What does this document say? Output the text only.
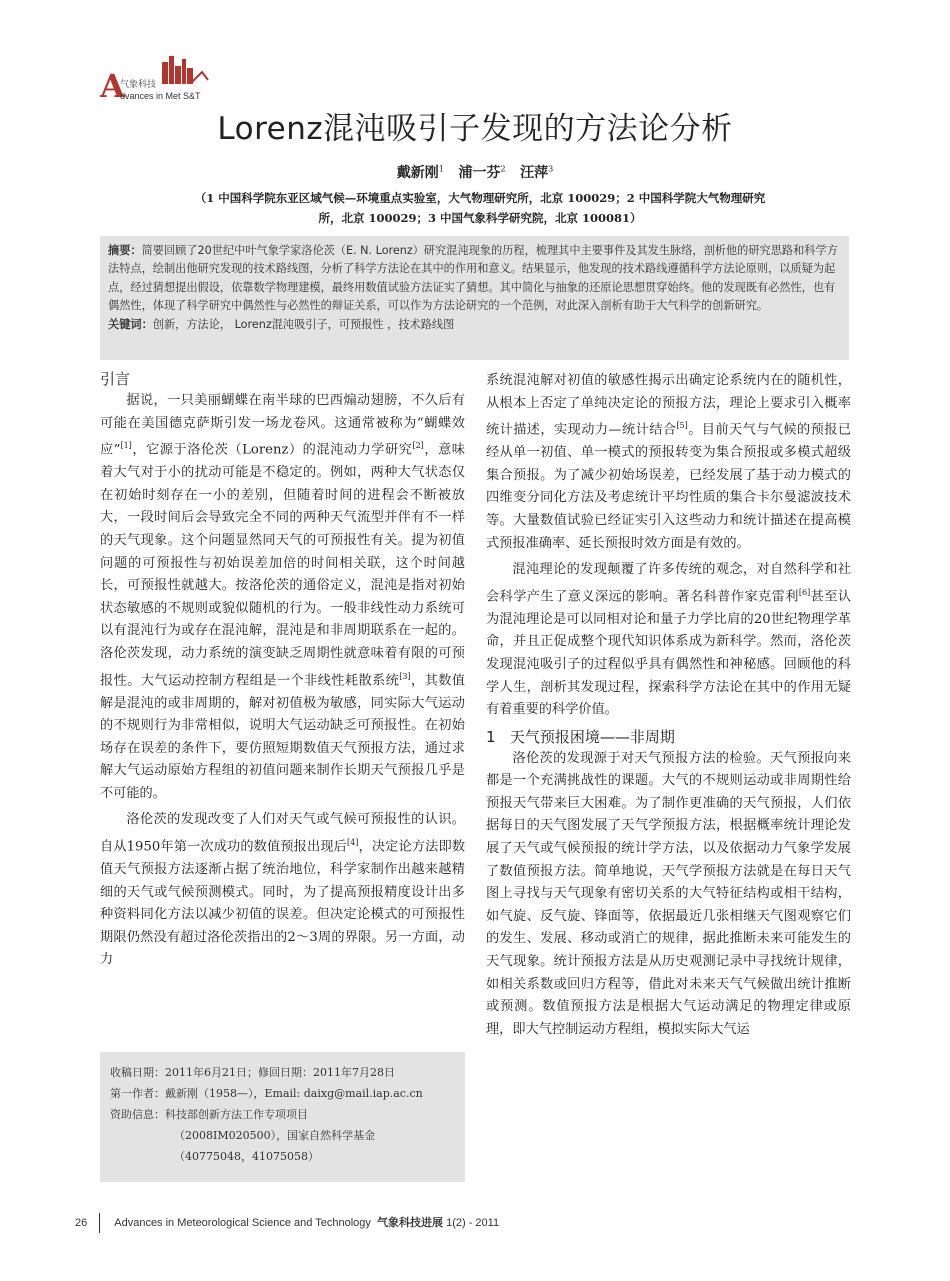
A
气象科技
dvances in Met S&T
Lorenz混沌吸引子发现的方法论分析
戴新刚$^1$ 浦一芬$^2$ 汪萍$^3$
（1 中国科学院东亚区域气候—环境重点实验室，大气物理研究所，北京 100029；2 中国科学院大气物理研究
所，北京 100029；3 中国气象科学研究院，北京 100081）
摘要：简要回顾了20世纪中叶气象学家洛伦茨（E. N. Lorenz）研究混沌现象的历程，梳理其中主要事件及其发生脉络，剖析他的研究思路和科学方法特点，绘制出他研究发现的技术路线图，分析了科学方法论在其中的作用和意义。结果显示，他发现的技术路线遵循科学方法论原则，以质疑为起点，经过猜想提出假设，依靠数学物理建模，最终用数值试验方法证实了猜想。其中简化与抽象的还原论思想贯穿始终。他的发现既有必然性，也有偶然性，体现了科学研究中偶然性与必然性的辩证关系，可以作为方法论研究的一个范例，对此深入剖析有助于大气科学的创新研究。
关键词：创新，方法论， Lorenz混沌吸引子，可预报性 ，技术路线图
引言

据说，一只美丽蝴蝶在南半球的巴西煽动翅膀，不久后有可能在美国德克萨斯引发一场龙卷风。这通常被称为“蝴蝶效应”[1]，它源于洛伦茨（Lorenz）的混沌动力学研究[2]，意味着大气对于小的扰动可能是不稳定的。例如，两种大气状态仅在初始时刻存在一小的差别，但随着时间的进程会不断被放大，一段时间后会导致完全不同的两种天气流型并伴有不一样的天气现象。这个问题显然同天气的可预报性有关。提为初值问题的可预报性与初始误差加倍的时间相关联，这个时间越长，可预报性就越大。按洛伦茨的通俗定义，混沌是指对初始状态敏感的不规则或貌似随机的行为。一般非线性动力系统可以有混沌行为或存在混沌解，混沌是和非周期联系在一起的。洛伦茨发现，动力系统的演变缺乏周期性就意味着有限的可预报性。大气运动控制方程组是一个非线性耗散系统[3]，其数值解是混沌的或非周期的，解对初值极为敏感，同实际大气运动的不规则行为非常相似，说明大气运动缺乏可预报性。在初始场存在误差的条件下，要仿照短期数值天气预报方法，通过求解大气运动原始方程组的初值问题来制作长期天气预报几乎是不可能的。

洛伦茨的发现改变了人们对天气或气候可预报性的认识。自从1950年第一次成功的数值预报出现后[4]，决定论方法即数值天气预报方法逐渐占据了统治地位，科学家制作出越来越精细的天气或气候预测模式。同时，为了提高预报精度设计出多种资料同化方法以减少初值的误差。但决定论模式的可预报性期限仍然没有超过洛伦茨指出的2～3周的界限。另一方面，动力

收稿日期：2011年6月21日；修回日期：2011年7月28日
第一作者：戴新刚（1958—），Email: daixg@mail.iap.ac.cn
资助信息：科技部创新方法工作专项项目
（2008IM020500），国家自然科学基金
（40775048，41075058）

系统混沌解对初值的敏感性揭示出确定论系统内在的随机性，从根本上否定了单纯决定论的预报方法，理论上要求引入概率统计描述，实现动力—统计结合[5]。目前天气与气候的预报已经从单一初值、单一模式的预报转变为集合预报或多模式超级集合预报。为了减少初始场误差，已经发展了基于动力模式的四维变分同化方法及考虑统计平均性质的集合卡尔曼滤波技术等。大量数值试验已经证实引入这些动力和统计描述在提高模式预报准确率、延长预报时效方面是有效的。

混沌理论的发现颠覆了许多传统的观念，对自然科学和社会科学产生了意义深远的影响。著名科普作家克雷利[6]甚至认为混沌理论是可以同相对论和量子力学比肩的20世纪物理学革命，并且正促成整个现代知识体系成为新科学。然而，洛伦茨发现混沌吸引子的过程似乎具有偶然性和神秘感。回顾他的科学人生，剖析其发现过程，探索科学方法论在其中的作用无疑有着重要的科学价值。

1 天气预报困境——非周期

洛伦茨的发现源于对天气预报方法的检验。天气预报向来都是一个充满挑战性的课题。大气的不规则运动或非周期性给预报天气带来巨大困难。为了制作更准确的天气预报，人们依据每日的天气图发展了天气学预报方法，根据概率统计理论发展了天气或气候预报的统计学方法，以及依据动力气象学发展了数值预报方法。简单地说，天气学预报方法就是在每日天气图上寻找与天气现象有密切关系的大气特征结构或相干结构，如气旋、反气旋、锋面等，依据最近几张相继天气图观察它们的发生、发展、移动或消亡的规律，据此推断未来可能发生的天气现象。统计预报方法是从历史观测记录中寻找统计规律，如相关系数或回归方程等，借此对未来天气气候做出统计推断或预测。数值预报方法是根据大气运动满足的物理定律或原理，即大气控制运动方程组，模拟实际大气运

26 Advances in Meteorological Science and Technology 气象科技进展 1(2) - 2011
